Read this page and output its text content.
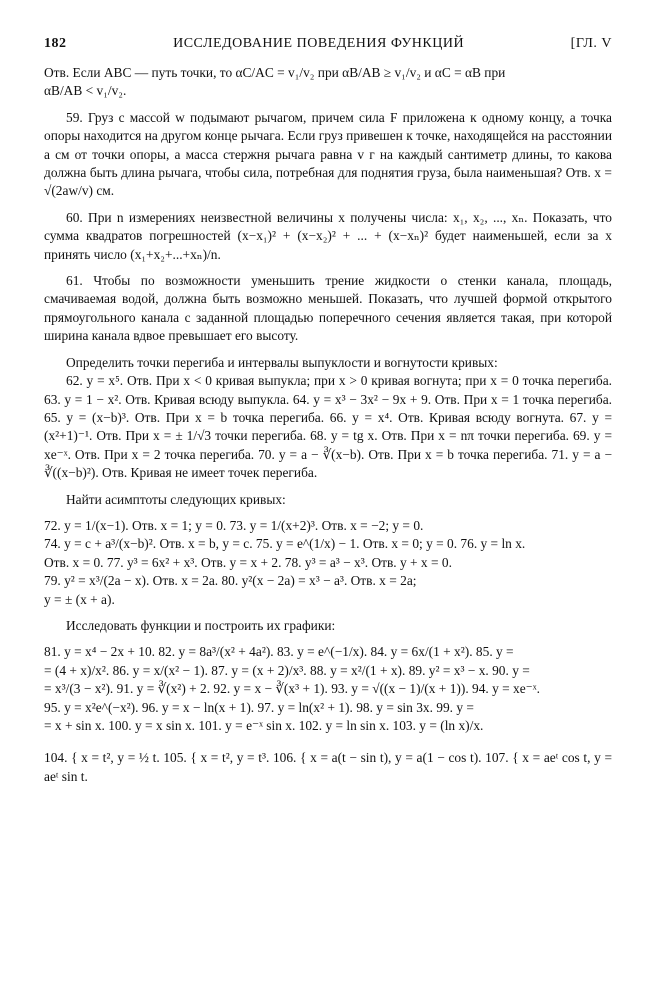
182	ИССЛЕДОВАНИЕ ПОВЕДЕНИЯ ФУНКЦИЙ	[ГЛ. V
Отв. Если ABC — путь точки, то αC/AC = v₁/v₂ при αB/AB ≥ v₁/v₂ и αC = αB при
αB/AB < v₁/v₂.

59. Груз с массой w подымают рычагом, причем сила F приложена к одному концу, а точка опоры находится на другом конце рычага. Если груз привешен к точке, находящейся на расстоянии a см от точки опоры, а масса стержня рычага равна v г на каждый сантиметр длины, то какова должна быть длина рычага, чтобы сила, потребная для поднятия груза, была наименьшая? Отв. x = √(2aw/v) см.

60. При n измерениях неизвестной величины x получены числа: x₁, x₂, ..., xₙ. Показать, что сумма квадратов погрешностей (x−x₁)² + (x−x₂)² + ... + (x−xₙ)² будет наименьшей, если за x принять число (x₁+x₂+...+xₙ)/n.

61. Чтобы по возможности уменьшить трение жидкости о стенки канала, площадь, смачиваемая водой, должна быть возможно меньшей. Показать, что лучшей формой открытого прямоугольного канала с заданной площадью поперечного сечения является такая, при которой ширина канала вдвое превышает его высоту.

Определить точки перегиба и интервалы выпуклости и вогнутости кривых:

62. y = x⁵. Отв. При x < 0 кривая выпукла; при x > 0 кривая вогнута; при x = 0 точка перегиба. 63. y = 1 − x². Отв. Кривая всюду выпукла. 64. y = x³ − 3x² − 9x + 9. Отв. При x = 1 точка перегиба. 65. y = (x−b)³. Отв. При x = b точка перегиба. 66. y = x⁴. Отв. Кривая всюду вогнута. 67. y = (x²+1)⁻¹. Отв. При x = ± 1/√3 точки перегиба. 68. y = tg x. Отв. При x = nπ точки перегиба. 69. y = xe⁻ˣ. Отв. При x = 2 точка перегиба. 70. y = a − ∛(x−b). Отв. При x = b точка перегиба. 71. y = a − ∛((x−b)²). Отв. Кривая не имеет точек перегиба.

Найти асимптоты следующих кривых:

72. y = 1/(x−1). Отв. x = 1; y = 0. 73. y = 1/(x+2)³. Отв. x = −2; y = 0.
74. y = c + a³/(x−b)². Отв. x = b, y = c. 75. y = e^(1/x) − 1. Отв. x = 0; y = 0. 76. y = ln x.
Отв. x = 0. 77. y³ = 6x² + x³. Отв. y = x + 2. 78. y³ = a³ − x³. Отв. y + x = 0.
79. y² = x³/(2a − x). Отв. x = 2a. 80. y²(x − 2a) = x³ − a³. Отв. x = 2a;
y = ± (x + a).

Исследовать функции и построить их графики:

81. y = x⁴ − 2x + 10. 82. y = 8a³/(x² + 4a²). 83. y = e^(−1/x). 84. y = 6x/(1 + x²). 85. y =
= (4 + x)/x². 86. y = x/(x² − 1). 87. y = (x + 2)/x³. 88. y = x²/(1 + x). 89. y² = x³ − x. 90. y =
= x³/(3 − x²). 91. y = ∛(x²) + 2. 92. y = x − ∛(x³ + 1). 93. y = √((x − 1)/(x + 1)). 94. y = xe⁻ˣ.
95. y = x²e^(−x²). 96. y = x − ln(x + 1). 97. y = ln(x² + 1). 98. y = sin 3x. 99. y =
= x + sin x. 100. y = x sin x. 101. y = e⁻ˣ sin x. 102. y = ln sin x. 103. y = (ln x)/x.

104. { x = t², y = ½ t. 105. { x = t², y = t³. 106. { x = a(t − sin t), y = a(1 − cos t). 107. { x = aeᵗ cos t, y = aeᵗ sin t.
